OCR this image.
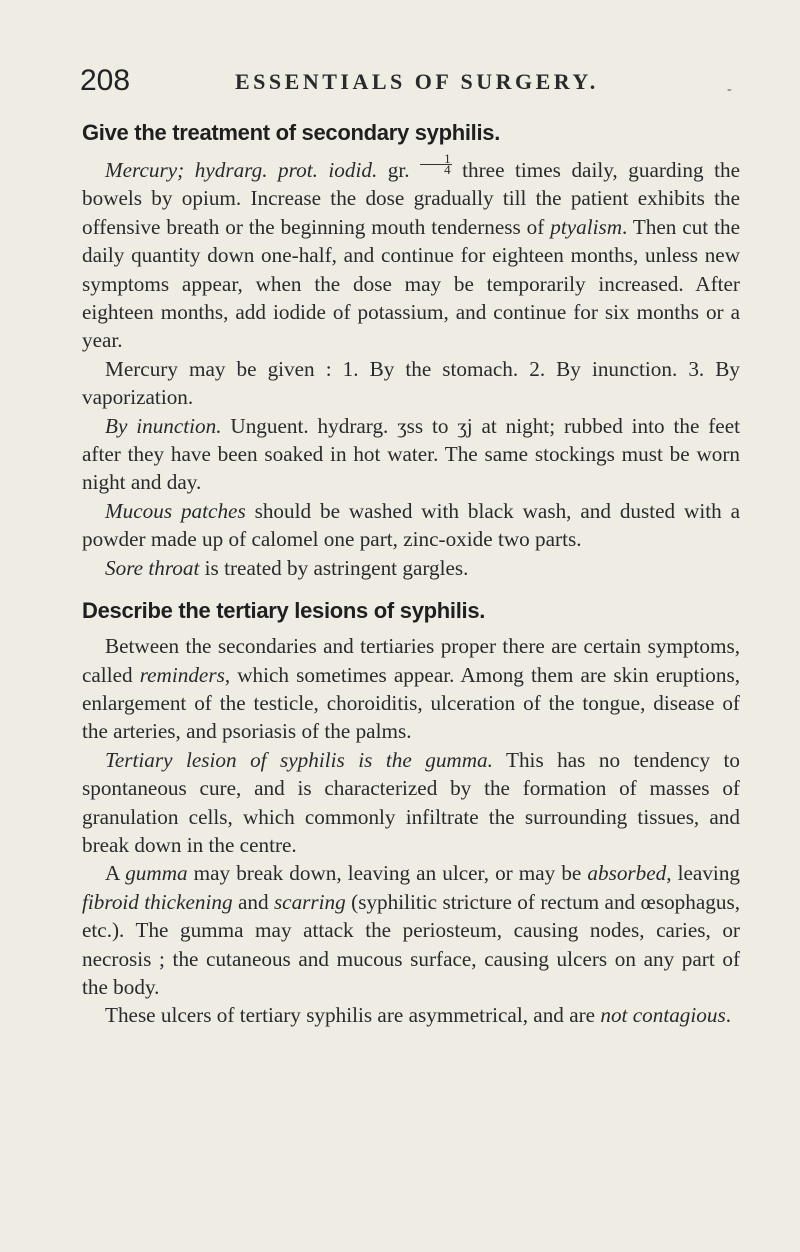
208	ESSENTIALS OF SURGERY.	-
Give the treatment of secondary syphilis.

Mercury; hydrarg. prot. iodid. gr. $\frac{1}{4}$ three times daily, guarding the bowels by opium. Increase the dose gradually till the patient exhibits the offensive breath or the beginning mouth tenderness of ptyalism. Then cut the daily quantity down one-half, and continue for eighteen months, unless new symptoms appear, when the dose may be temporarily increased. After eighteen months, add iodide of potassium, and continue for six months or a year.

Mercury may be given : 1. By the stomach. 2. By inunction. 3. By vaporization.

By inunction. Unguent. hydrarg. ʒss to ʒj at night; rubbed into the feet after they have been soaked in hot water. The same stockings must be worn night and day.

Mucous patches should be washed with black wash, and dusted with a powder made up of calomel one part, zinc-oxide two parts.

Sore throat is treated by astringent gargles.

Describe the tertiary lesions of syphilis.

Between the secondaries and tertiaries proper there are certain symptoms, called reminders, which sometimes appear. Among them are skin eruptions, enlargement of the testicle, choroiditis, ulceration of the tongue, disease of the arteries, and psoriasis of the palms.

Tertiary lesion of syphilis is the gumma. This has no tendency to spontaneous cure, and is characterized by the formation of masses of granulation cells, which commonly infiltrate the surrounding tissues, and break down in the centre.

A gumma may break down, leaving an ulcer, or may be absorbed, leaving fibroid thickening and scarring (syphilitic stricture of rectum and œsophagus, etc.). The gumma may attack the periosteum, causing nodes, caries, or necrosis ; the cutaneous and mucous surface, causing ulcers on any part of the body.

These ulcers of tertiary syphilis are asymmetrical, and are not contagious.
